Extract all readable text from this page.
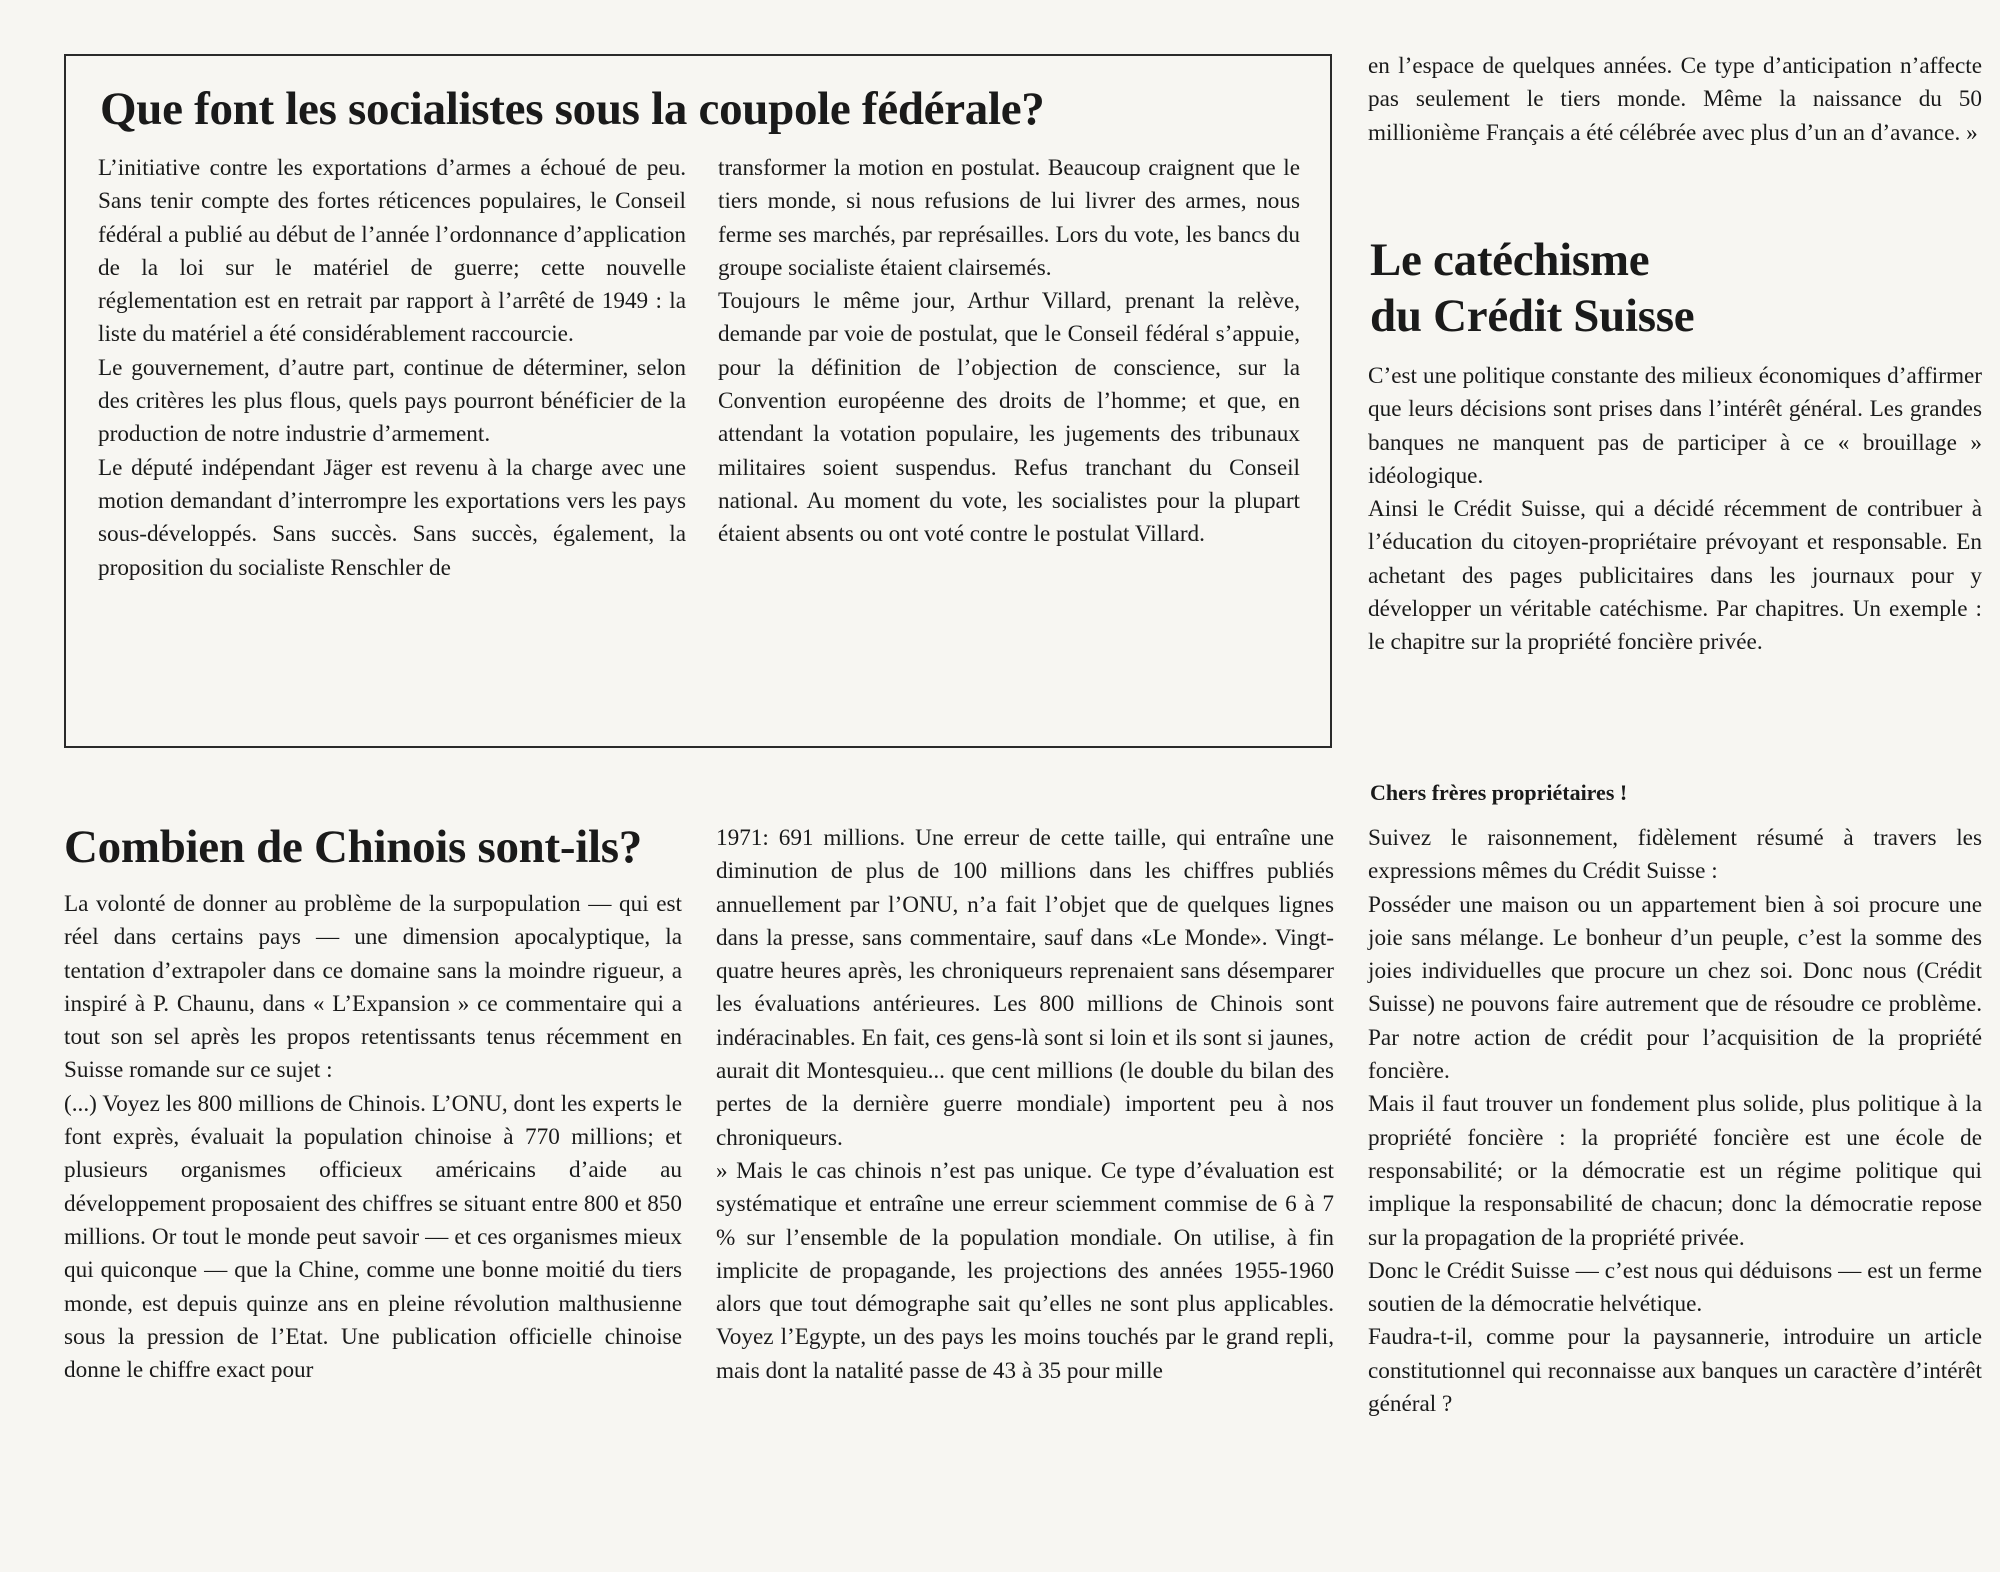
Que font les socialistes sous la coupole fédérale?

L’initiative contre les exportations d’armes a échoué de peu. Sans tenir compte des fortes réticences populaires, le Conseil fédéral a publié au début de l’année l’ordonnance d’application de la loi sur le matériel de guerre; cette nouvelle réglementation est en retrait par rapport à l’arrêté de 1949 : la liste du matériel a été considérablement raccourcie.

Le gouvernement, d’autre part, continue de déterminer, selon des critères les plus flous, quels pays pourront bénéficier de la production de notre industrie d’armement.

Le député indépendant Jäger est revenu à la charge avec une motion demandant d’interrompre les exportations vers les pays sous-développés. Sans succès. Sans succès, également, la proposition du socialiste Renschler de

transformer la motion en postulat. Beaucoup craignent que le tiers monde, si nous refusions de lui livrer des armes, nous ferme ses marchés, par représailles. Lors du vote, les bancs du groupe socialiste étaient clairsemés.

Toujours le même jour, Arthur Villard, prenant la relève, demande par voie de postulat, que le Conseil fédéral s’appuie, pour la définition de l’objection de conscience, sur la Convention européenne des droits de l’homme; et que, en attendant la votation populaire, les jugements des tribunaux militaires soient suspendus. Refus tranchant du Conseil national. Au moment du vote, les socialistes pour la plupart étaient absents ou ont voté contre le postulat Villard.

Combien de Chinois sont-ils?

La volonté de donner au problème de la surpopulation — qui est réel dans certains pays — une dimension apocalyptique, la tentation d’extrapoler dans ce domaine sans la moindre rigueur, a inspiré à P. Chaunu, dans « L’Expansion » ce commentaire qui a tout son sel après les propos retentissants tenus récemment en Suisse romande sur ce sujet :

(...) Voyez les 800 millions de Chinois. L’ONU, dont les experts le font exprès, évaluait la population chinoise à 770 millions; et plusieurs organismes officieux américains d’aide au développement proposaient des chiffres se situant entre 800 et 850 millions. Or tout le monde peut savoir — et ces organismes mieux qui quiconque — que la Chine, comme une bonne moitié du tiers monde, est depuis quinze ans en pleine révolution malthusienne sous la pression de l’Etat. Une publication officielle chinoise donne le chiffre exact pour

1971: 691 millions. Une erreur de cette taille, qui entraîne une diminution de plus de 100 millions dans les chiffres publiés annuellement par l’ONU, n’a fait l’objet que de quelques lignes dans la presse, sans commentaire, sauf dans «Le Monde». Vingt-quatre heures après, les chroniqueurs reprenaient sans désemparer les évaluations antérieures. Les 800 millions de Chinois sont indéracinables. En fait, ces gens-là sont si loin et ils sont si jaunes, aurait dit Montesquieu... que cent millions (le double du bilan des pertes de la dernière guerre mondiale) importent peu à nos chroniqueurs.

» Mais le cas chinois n’est pas unique. Ce type d’évaluation est systématique et entraîne une erreur sciemment commise de 6 à 7 % sur l’ensemble de la population mondiale. On utilise, à fin implicite de propagande, les projections des années 1955-1960 alors que tout démographe sait qu’elles ne sont plus applicables. Voyez l’Egypte, un des pays les moins touchés par le grand repli, mais dont la natalité passe de 43 à 35 pour mille

en l’espace de quelques années. Ce type d’anticipation n’affecte pas seulement le tiers monde. Même la naissance du 50 millionième Français a été célébrée avec plus d’un an d’avance. »

Le catéchisme
du Crédit Suisse

C’est une politique constante des milieux économiques d’affirmer que leurs décisions sont prises dans l’intérêt général. Les grandes banques ne manquent pas de participer à ce « brouillage » idéologique.

Ainsi le Crédit Suisse, qui a décidé récemment de contribuer à l’éducation du citoyen-propriétaire prévoyant et responsable. En achetant des pages publicitaires dans les journaux pour y développer un véritable catéchisme. Par chapitres. Un exemple : le chapitre sur la propriété foncière privée.

Chers frères propriétaires !

Suivez le raisonnement, fidèlement résumé à travers les expressions mêmes du Crédit Suisse :

Posséder une maison ou un appartement bien à soi procure une joie sans mélange. Le bonheur d’un peuple, c’est la somme des joies individuelles que procure un chez soi. Donc nous (Crédit Suisse) ne pouvons faire autrement que de résoudre ce problème. Par notre action de crédit pour l’acquisition de la propriété foncière.

Mais il faut trouver un fondement plus solide, plus politique à la propriété foncière : la propriété foncière est une école de responsabilité; or la démocratie est un régime politique qui implique la responsabilité de chacun; donc la démocratie repose sur la propagation de la propriété privée.

Donc le Crédit Suisse — c’est nous qui déduisons — est un ferme soutien de la démocratie helvétique.

Faudra-t-il, comme pour la paysannerie, introduire un article constitutionnel qui reconnaisse aux banques un caractère d’intérêt général ?
